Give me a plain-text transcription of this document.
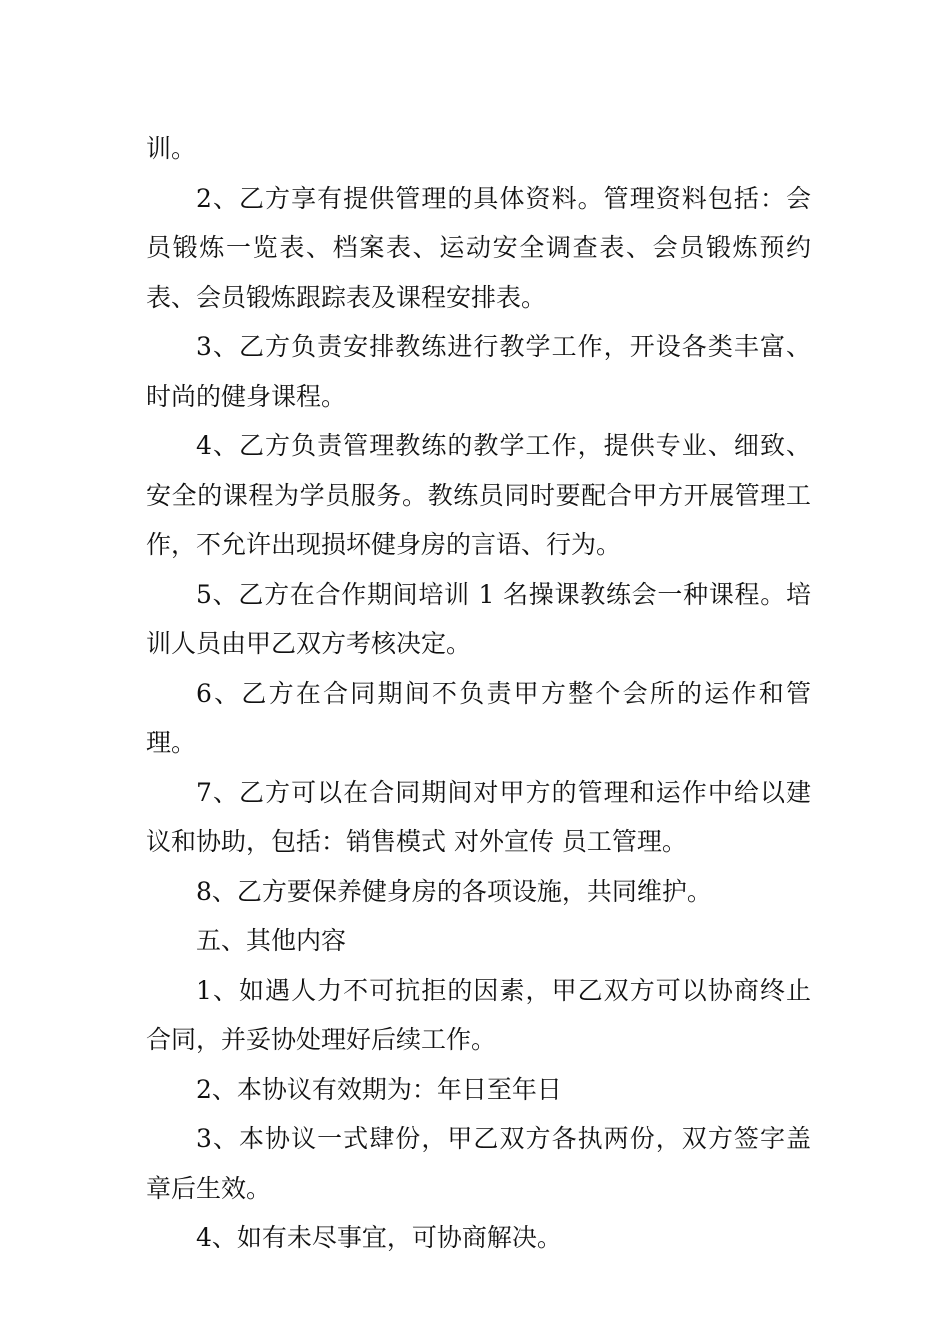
训。

2、乙方享有提供管理的具体资料。管理资料包括：会员锻炼一览表、档案表、运动安全调查表、会员锻炼预约表、会员锻炼跟踪表及课程安排表。

3、乙方负责安排教练进行教学工作，开设各类丰富、时尚的健身课程。

4、乙方负责管理教练的教学工作，提供专业、细致、安全的课程为学员服务。教练员同时要配合甲方开展管理工作，不允许出现损坏健身房的言语、行为。

5、乙方在合作期间培训 1 名操课教练会一种课程。培训人员由甲乙双方考核决定。

6、乙方在合同期间不负责甲方整个会所的运作和管理。

7、乙方可以在合同期间对甲方的管理和运作中给以建议和协助，包括：销售模式 对外宣传 员工管理。

8、乙方要保养健身房的各项设施，共同维护。

五、其他内容

1、如遇人力不可抗拒的因素，甲乙双方可以协商终止合同，并妥协处理好后续工作。

2、本协议有效期为：年日至年日

3、本协议一式肆份，甲乙双方各执两份，双方签字盖章后生效。

4、如有未尽事宜，可协商解决。
